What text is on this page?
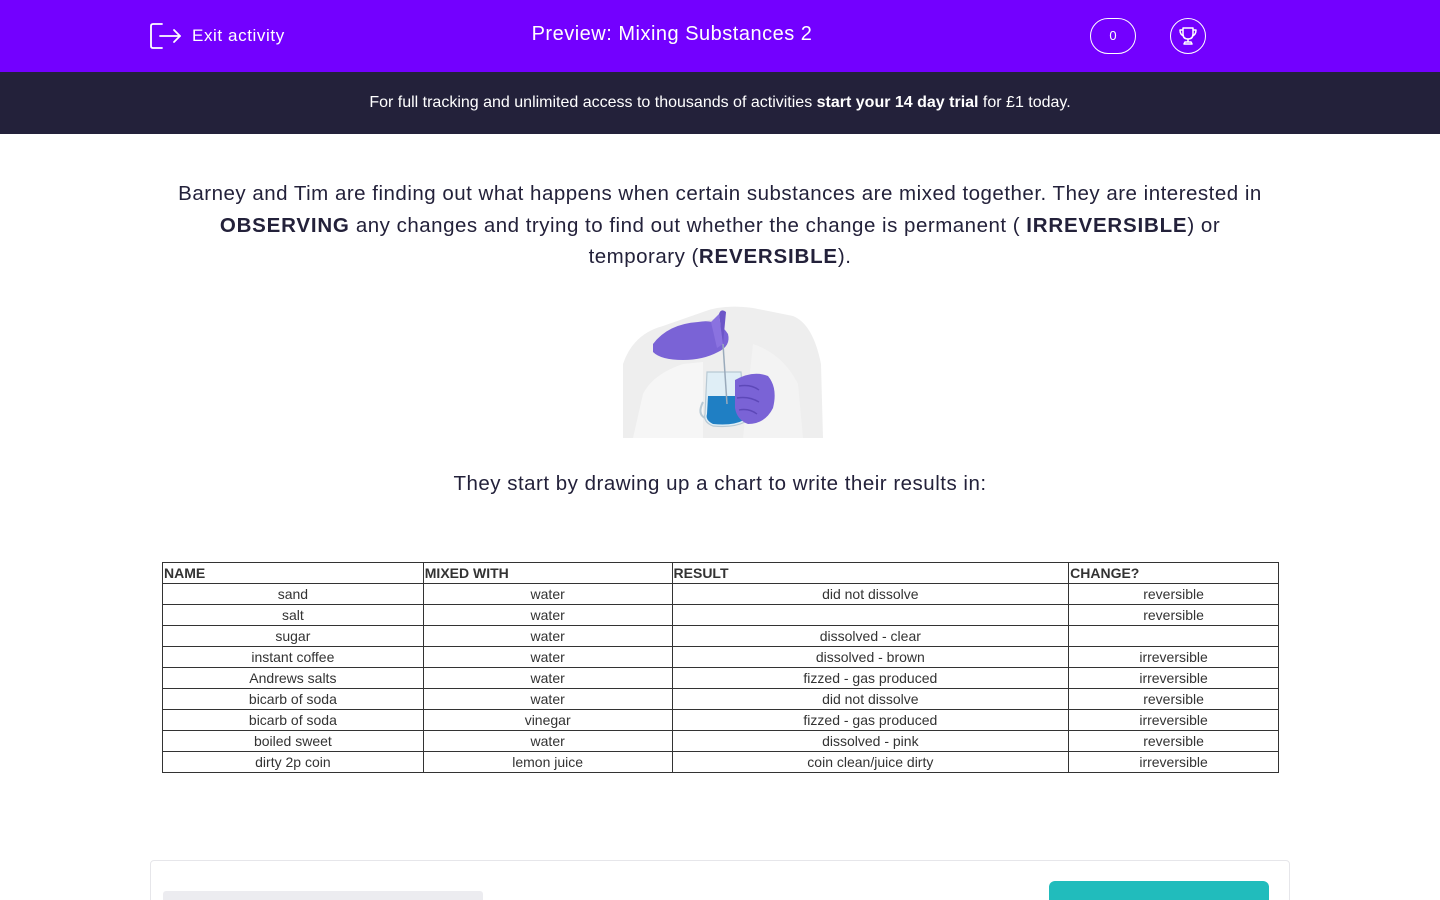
Exit activity	Preview: Mixing Substances 2	0
For full tracking and unlimited access to thousands of activities start your 14 day trial for £1 today.

Barney and Tim are finding out what happens when certain substances are mixed together. They are interested in OBSERVING any changes and trying to find out whether the change is permanent ( IRREVERSIBLE) or temporary (REVERSIBLE).

They start by drawing up a chart to write their results in:

NAME	MIXED WITH	RESULT	CHANGE?
sand	water	did not dissolve	reversible
salt	water		reversible
sugar	water	dissolved - clear	
instant coffee	water	dissolved - brown	irreversible
Andrews salts	water	fizzed - gas produced	irreversible
bicarb of soda	water	did not dissolve	reversible
bicarb of soda	vinegar	fizzed - gas produced	irreversible
boiled sweet	water	dissolved - pink	reversible
dirty 2p coin	lemon juice	coin clean/juice dirty	irreversible
